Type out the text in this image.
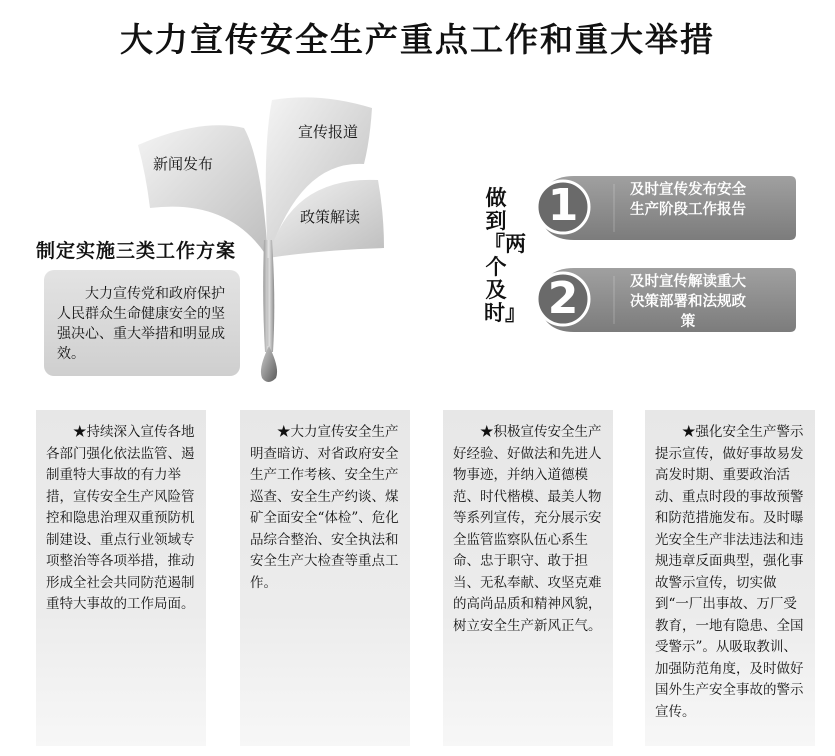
大力宣传安全生产重点工作和重大举措
新闻发布
宣传报道
政策解读
制定实施三类工作方案
大力宣传党和政府保护人民群众生命健康安全的坚强决心、重大举措和明显成效。
做到『两个及时』
1
2
及时宣传发布安全生产阶段工作报告
及时宣传解读重大决策部署和法规政策
★持续深入宣传各地各部门强化依法监管、遏制重特大事故的有力举措，宣传安全生产风险管控和隐患治理双重预防机制建设、重点行业领域专项整治等各项举措，推动形成全社会共同防范遏制重特大事故的工作局面。
★大力宣传安全生产明查暗访、对省政府安全生产工作考核、安全生产巡查、安全生产约谈、煤矿全面安全“体检”、危化品综合整治、安全执法和安全生产大检查等重点工作。
★积极宣传安全生产好经验、好做法和先进人物事迹，并纳入道德模范、时代楷模、最美人物等系列宣传，充分展示安全监管监察队伍心系生命、忠于职守、敢于担当、无私奉献、攻坚克难的高尚品质和精神风貌，树立安全生产新风正气。
★强化安全生产警示提示宣传，做好事故易发高发时期、重要政治活动、重点时段的事故预警和防范措施发布。及时曝光安全生产非法违法和违规违章反面典型，强化事故警示宣传，切实做到“一厂出事故、万厂受教育，一地有隐患、全国受警示”。从吸取教训、加强防范角度，及时做好国外生产安全事故的警示宣传。
